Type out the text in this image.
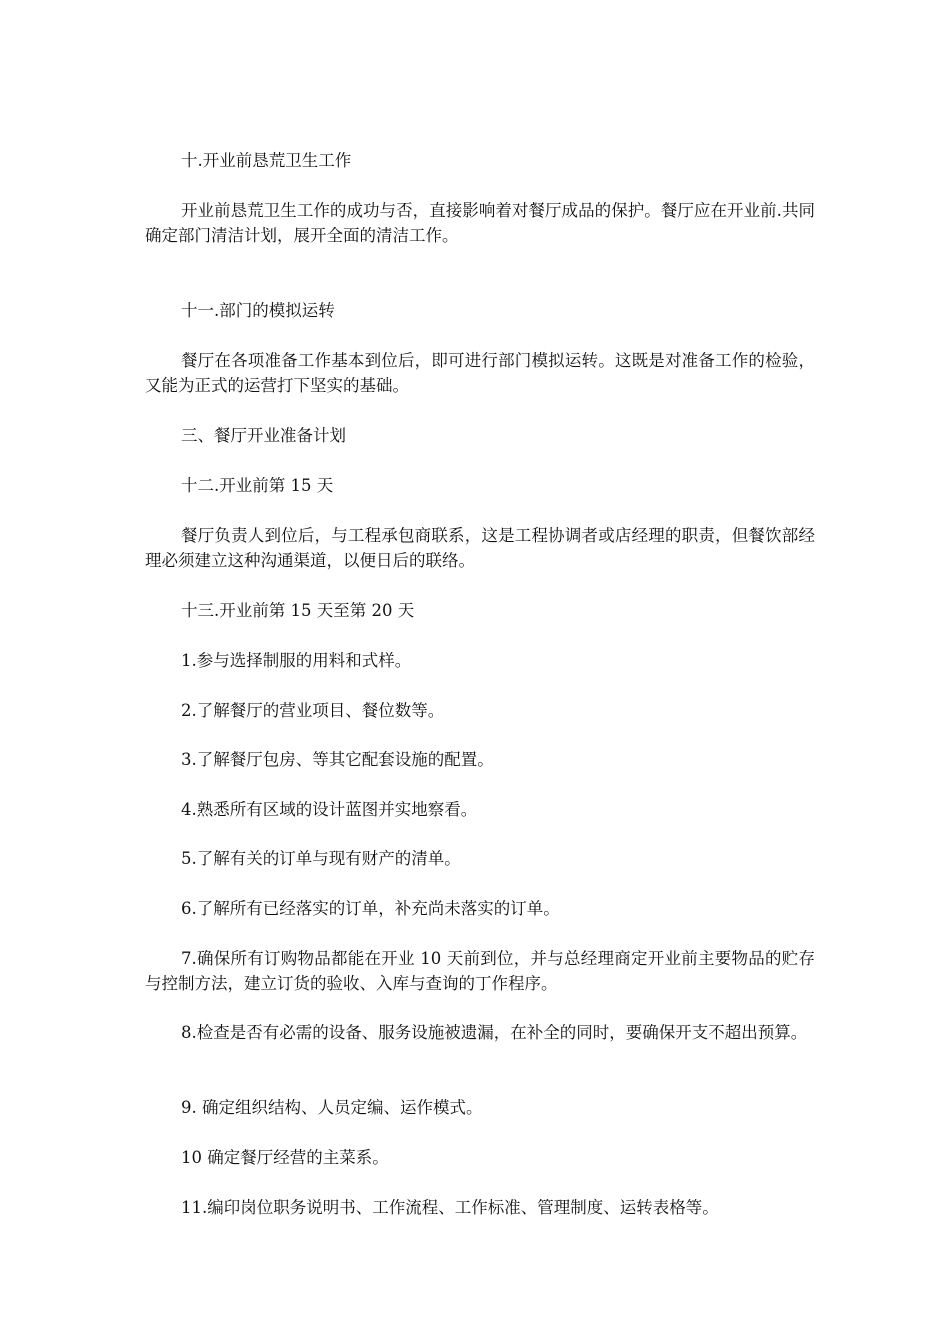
十.开业前恳荒卫生工作

开业前恳荒卫生工作的成功与否，直接影响着对餐厅成品的保护。餐厅应在开业前.共同确定部门清洁计划，展开全面的清洁工作。

十一.部门的模拟运转

餐厅在各项准备工作基本到位后，即可进行部门模拟运转。这既是对准备工作的检验，又能为正式的运营打下坚实的基础。

三、餐厅开业准备计划

十二.开业前第 15 天

餐厅负责人到位后，与工程承包商联系，这是工程协调者或店经理的职责，但餐饮部经理必须建立这种沟通渠道，以便日后的联络。

十三.开业前第 15 天至第 20 天

1.参与选择制服的用料和式样。

2.了解餐厅的营业项目、餐位数等。

3.了解餐厅包房、等其它配套设施的配置。

4.熟悉所有区域的设计蓝图并实地察看。

5.了解有关的订单与现有财产的清单。

6.了解所有已经落实的订单，补充尚未落实的订单。

7.确保所有订购物品都能在开业 10 天前到位，并与总经理商定开业前主要物品的贮存与控制方法，建立订货的验收、入库与查询的丁作程序。

8.检查是否有必需的设备、服务设施被遗漏，在补全的同时，要确保开支不超出预算。

9. 确定组织结构、人员定编、运作模式。

10 确定餐厅经营的主菜系。

11.编印岗位职务说明书、工作流程、工作标准、管理制度、运转表格等。
